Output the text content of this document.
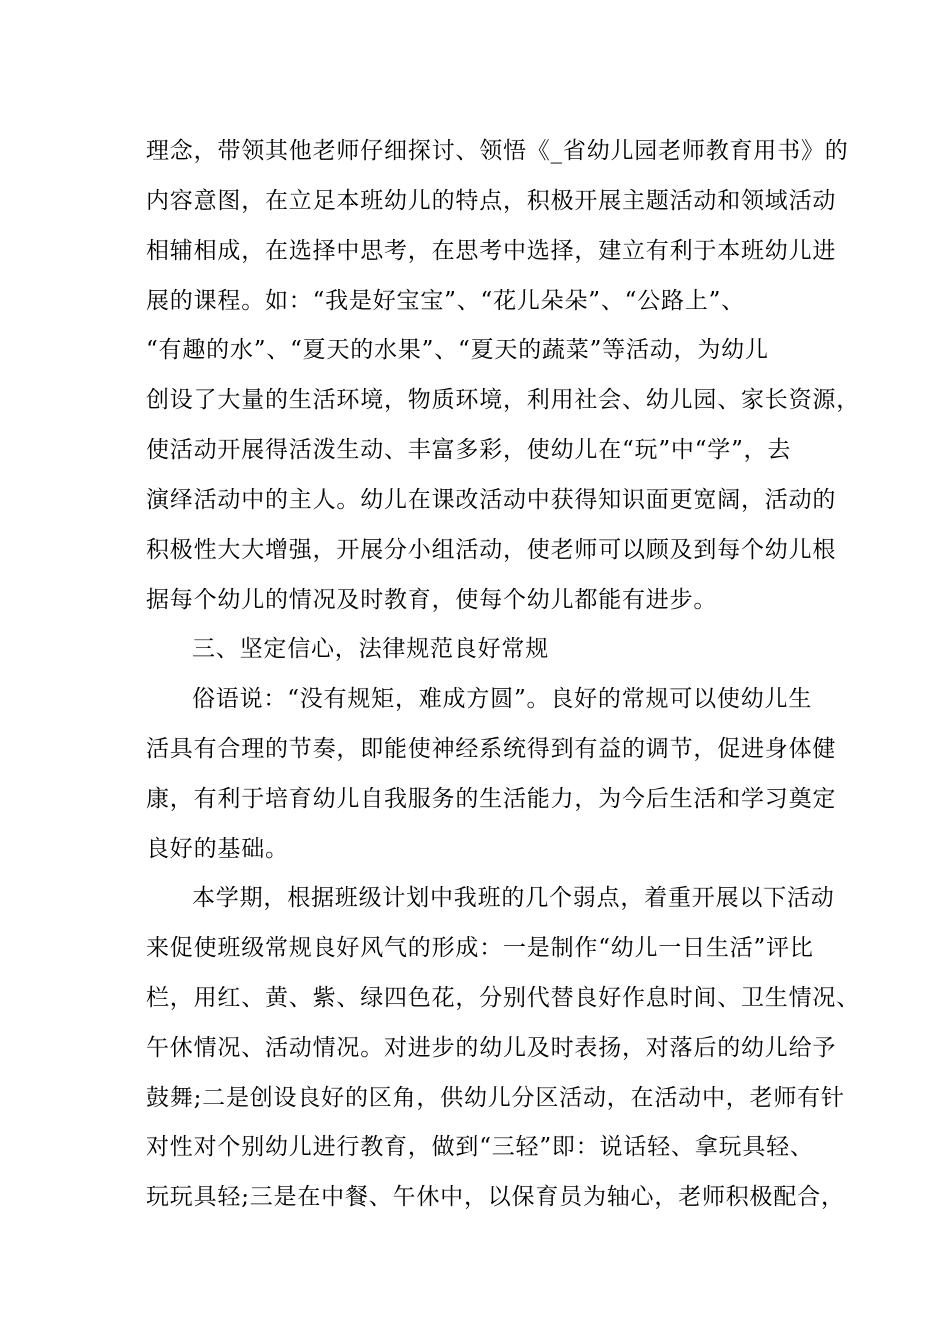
理念，带领其他老师仔细探讨、领悟《_省幼儿园老师教育用书》的
内容意图，在立足本班幼儿的特点，积极开展主题活动和领域活动
相辅相成，在选择中思考，在思考中选择，建立有利于本班幼儿进
展的课程。如：“我是好宝宝”、“花儿朵朵”、“公路上”、
“有趣的水”、“夏天的水果”、“夏天的蔬菜”等活动，为幼儿
创设了大量的生活环境，物质环境，利用社会、幼儿园、家长资源，
使活动开展得活泼生动、丰富多彩，使幼儿在“玩”中“学”，去
演绎活动中的主人。幼儿在课改活动中获得知识面更宽阔，活动的
积极性大大增强，开展分小组活动，使老师可以顾及到每个幼儿根
据每个幼儿的情况及时教育，使每个幼儿都能有进步。
三、坚定信心，法律规范良好常规
俗语说：“没有规矩，难成方圆”。良好的常规可以使幼儿生
活具有合理的节奏，即能使神经系统得到有益的调节，促进身体健
康，有利于培育幼儿自我服务的生活能力，为今后生活和学习奠定
良好的基础。
本学期，根据班级计划中我班的几个弱点，着重开展以下活动
来促使班级常规良好风气的形成：一是制作“幼儿一日生活”评比
栏，用红、黄、紫、绿四色花，分别代替良好作息时间、卫生情况、
午休情况、活动情况。对进步的幼儿及时表扬，对落后的幼儿给予
鼓舞;二是创设良好的区角，供幼儿分区活动，在活动中，老师有针
对性对个别幼儿进行教育，做到“三轻”即：说话轻、拿玩具轻、
玩玩具轻;三是在中餐、午休中，以保育员为轴心，老师积极配合，
